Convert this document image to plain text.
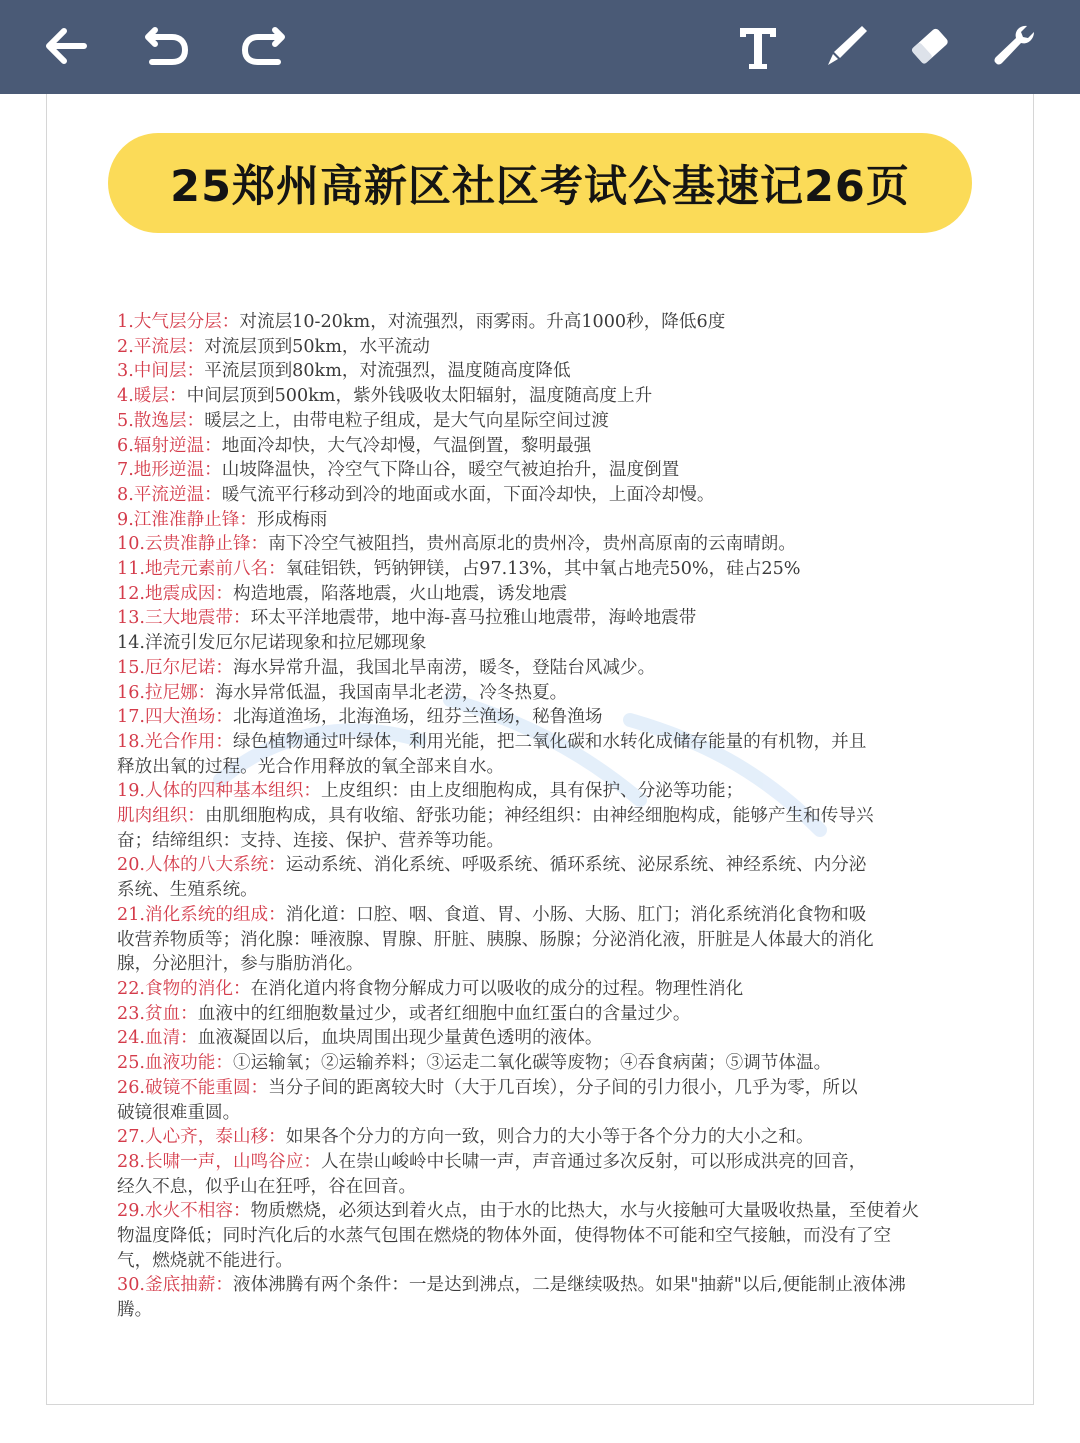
25郑州高新区社区考试公基速记26页
1.大气层分层：对流层10-20km，对流强烈，雨雾雨。升高1000秒，降低6度
2.平流层：对流层顶到50km，水平流动
3.中间层：平流层顶到80km，对流强烈，温度随高度降低
4.暖层：中间层顶到500km，紫外钱吸收太阳辐射，温度随高度上升
5.散逸层：暖层之上，由带电粒子组成，是大气向星际空间过渡
6.辐射逆温：地面冷却快，大气冷却慢，气温倒置，黎明最强
7.地形逆温：山坡降温快，冷空气下降山谷，暖空气被迫抬升，温度倒置
8.平流逆温：暖气流平行移动到冷的地面或水面，下面冷却快，上面冷却慢。
9.江淮准静止锋：形成梅雨
10.云贵准静止锋：南下冷空气被阻挡，贵州高原北的贵州冷，贵州高原南的云南晴朗。
11.地壳元素前八名：氧硅铝铁，钙钠钾镁，占97.13%，其中氧占地壳50%，硅占25%
12.地震成因：构造地震，陷落地震，火山地震，诱发地震
13.三大地震带：环太平洋地震带，地中海-喜马拉雅山地震带，海岭地震带
14.洋流引发厄尔尼诺现象和拉尼娜现象
15.厄尔尼诺：海水异常升温，我国北旱南涝，暖冬，登陆台风减少。
16.拉尼娜：海水异常低温，我国南旱北老涝，冷冬热夏。
17.四大渔场：北海道渔场，北海渔场，纽芬兰渔场，秘鲁渔场
18.光合作用：绿色植物通过叶绿体，利用光能，把二氧化碳和水转化成储存能量的有机物，并且
释放出氧的过程。光合作用释放的氧全部来自水。
19.人体的四种基本组织：上皮组织：由上皮细胞构成，具有保护、分泌等功能；
肌肉组织：由肌细胞构成，具有收缩、舒张功能；神经组织：由神经细胞构成，能够产生和传导兴
奋；结缔组织：支持、连接、保护、营养等功能。
20.人体的八大系统：运动系统、消化系统、呼吸系统、循环系统、泌尿系统、神经系统、内分泌
系统、生殖系统。
21.消化系统的组成：消化道：口腔、咽、食道、胃、小肠、大肠、肛门；消化系统消化食物和吸
收营养物质等；消化腺：唾液腺、胃腺、肝脏、胰腺、肠腺；分泌消化液，肝脏是人体最大的消化
腺，分泌胆汁，参与脂肪消化。
22.食物的消化：在消化道内将食物分解成力可以吸收的成分的过程。物理性消化
23.贫血：血液中的红细胞数量过少，或者红细胞中血红蛋白的含量过少。
24.血清：血液凝固以后，血块周围出现少量黄色透明的液体。
25.血液功能：①运输氧；②运输养料；③运走二氧化碳等废物；④吞食病菌；⑤调节体温。
26.破镜不能重圆：当分子间的距离较大时（大于几百埃），分子间的引力很小，几乎为零，所以
破镜很难重圆。
27.人心齐，泰山移：如果各个分力的方向一致，则合力的大小等于各个分力的大小之和。
28.长啸一声，山鸣谷应：人在崇山峻岭中长啸一声，声音通过多次反射，可以形成洪亮的回音，
经久不息，似乎山在狂呼，谷在回音。
29.水火不相容：物质燃烧，必须达到着火点，由于水的比热大，水与火接触可大量吸收热量，至使着火
物温度降低；同时汽化后的水蒸气包围在燃烧的物体外面，使得物体不可能和空气接触，而没有了空
气，燃烧就不能进行。
30.釜底抽薪：液体沸腾有两个条件：一是达到沸点，二是继续吸热。如果"抽薪"以后,便能制止液体沸
腾。
